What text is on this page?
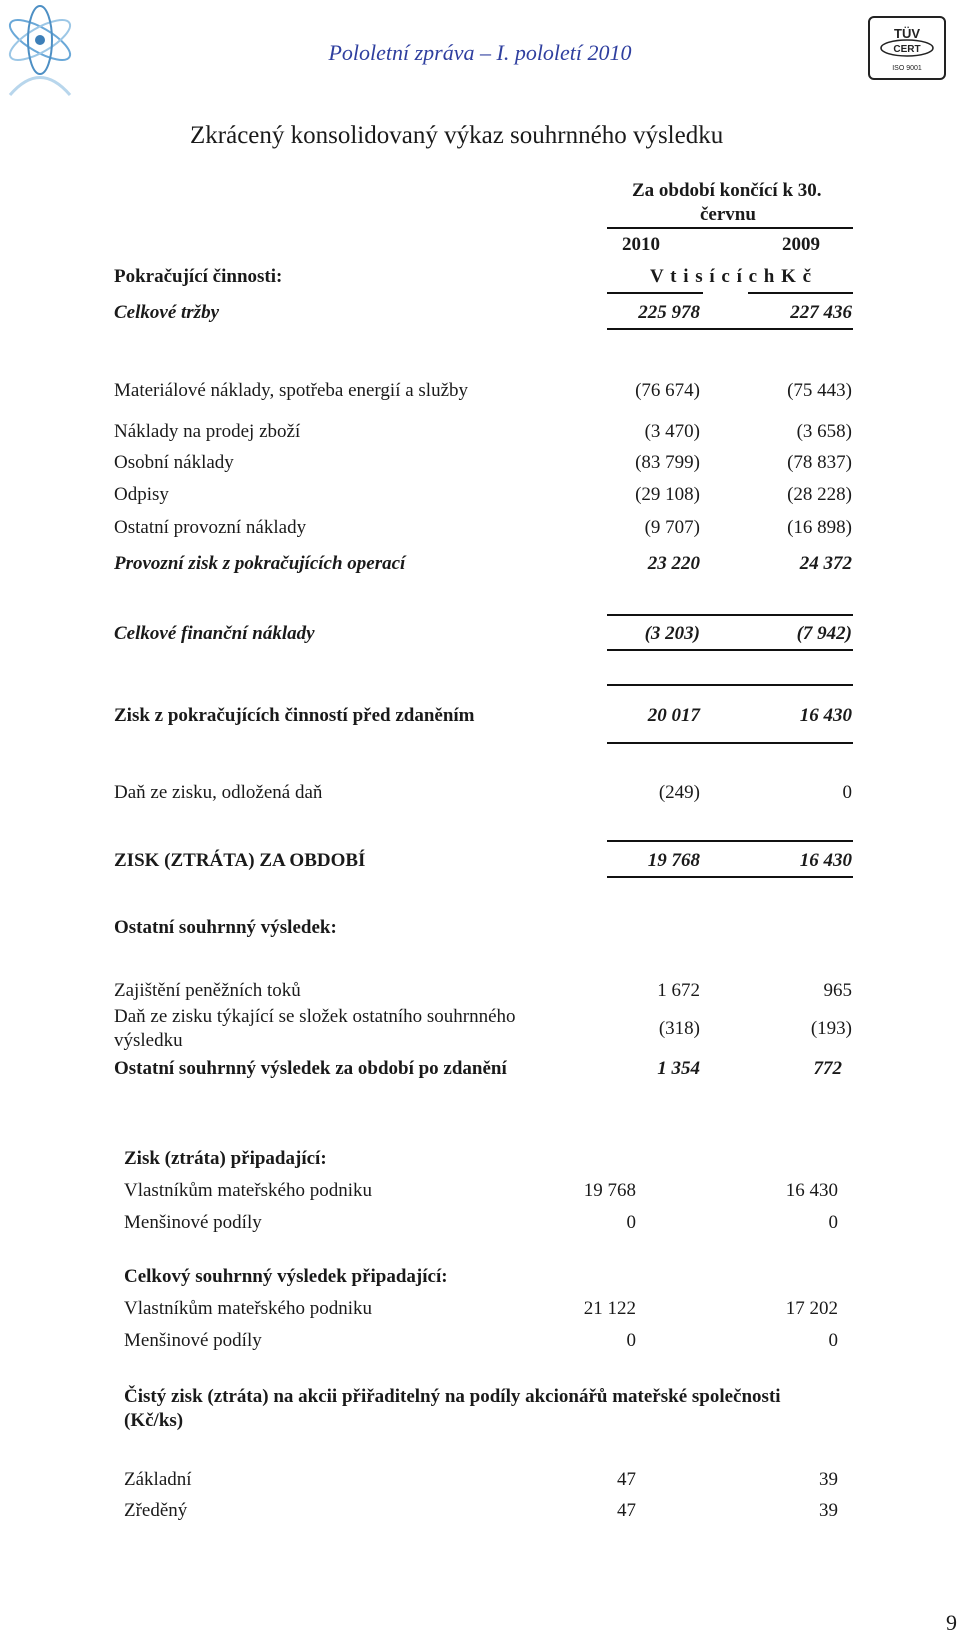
TÜV
CERT
ISO 9001
Pololetní zpráva – I. pololetí 2010
Zkrácený konsolidovaný výkaz souhrnného výsledku
Za období končící k 30.
červnu
2010	2009
Pokračující činnosti:	V t i s í c í c h K č
Celkové tržby	225 978	227 436
Materiálové náklady, spotřeba energií a služby	(76 674)	(75 443)
Náklady na prodej zboží	(3 470)	(3 658)
Osobní náklady	(83 799)	(78 837)
Odpisy	(29 108)	(28 228)
Ostatní provozní náklady	(9 707)	(16 898)
Provozní zisk z pokračujících operací	23 220	24 372
Celkové finanční náklady	(3 203)	(7 942)
Zisk z pokračujících činností před zdaněním	20 017	16 430
Daň ze zisku, odložená daň	(249)	0
ZISK (ZTRÁTA) ZA OBDOBÍ	19 768	16 430
Ostatní souhrnný výsledek:
Zajištění peněžních toků	1 672	965
Daň ze zisku týkající se složek ostatního souhrnného
výsledku
(318)	(193)
Ostatní souhrnný výsledek za období po zdanění	1 354	772
Zisk (ztráta) připadající:
Vlastníkům mateřského podniku	19 768	16 430
Menšinové podíly	0	0
Celkový souhrnný výsledek připadající:
Vlastníkům mateřského podniku	21 122	17 202
Menšinové podíly	0	0
Čistý zisk (ztráta) na akcii přiřaditelný na podíly akcionářů mateřské společnosti
(Kč/ks)
Základní	47	39
Zředěný	47	39
9
